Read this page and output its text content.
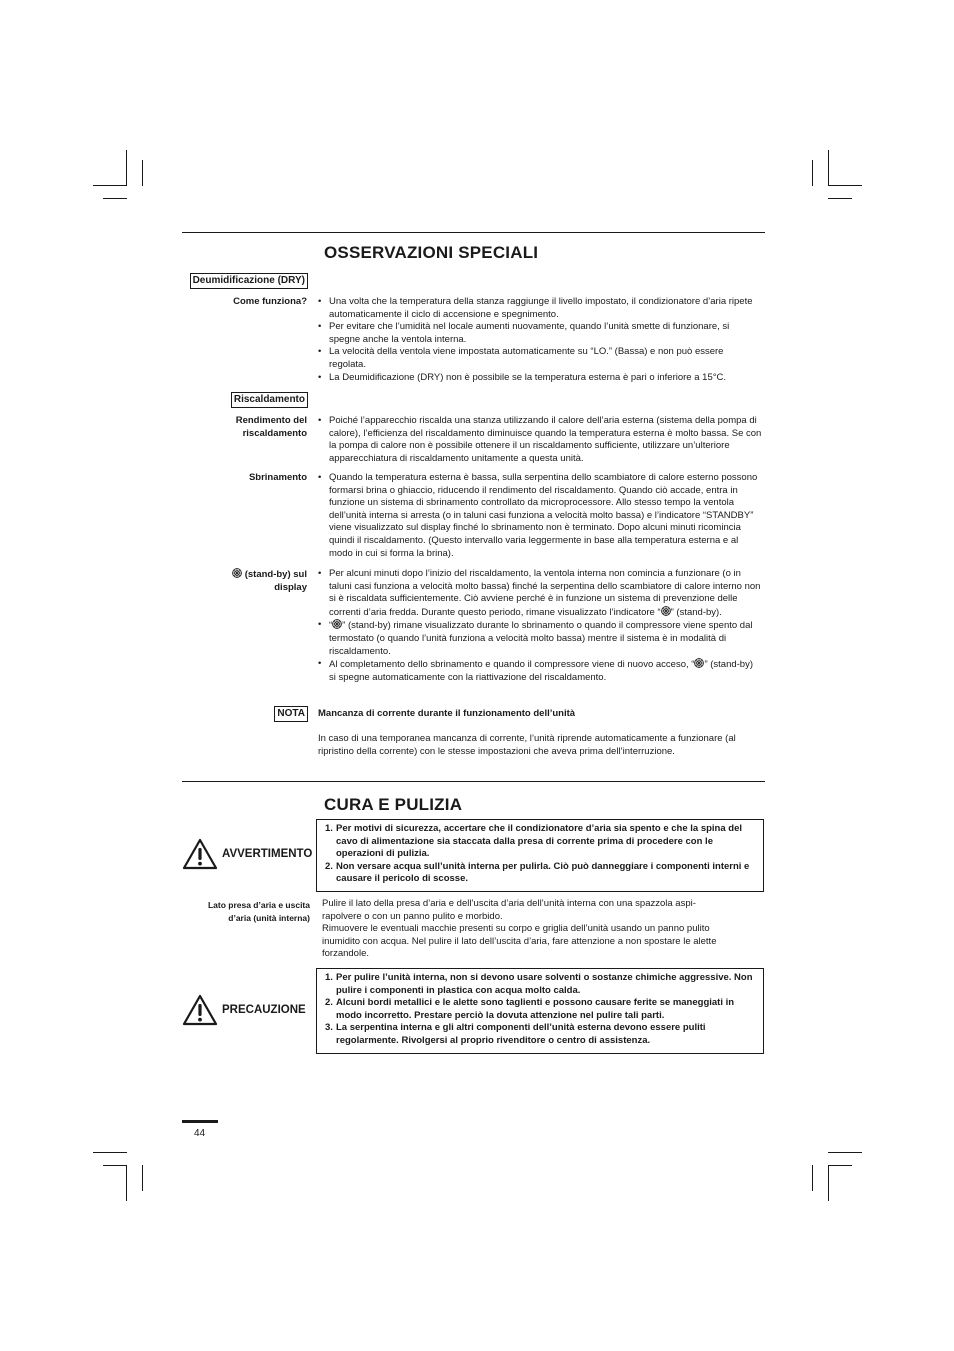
OSSERVAZIONI SPECIALI
Deumidificazione (DRY)
Come funziona?	• Una volta che la temperatura della stanza raggiunge il livello impostato, il condizionatore d’aria ripete automaticamente il ciclo di accensione e spegnimento.
• Per evitare che l’umidità nel locale aumenti nuovamente, quando l’unità smette di funzionare, si spegne anche la ventola interna.
• La velocità della ventola viene impostata automaticamente su “LO.” (Bassa) e non può essere regolata.
• La Deumidificazione (DRY) non è possibile se la temperatura esterna è pari o inferiore a 15°C.
Riscaldamento
Rendimento del
riscaldamento
• Poiché l’apparecchio riscalda una stanza utilizzando il calore dell’aria esterna (sistema della pompa di calore), l’efficienza del riscaldamento diminuisce quando la temperatura esterna è molto bassa. Se con la pompa di calore non è possibile ottenere il un riscaldamento sufficiente, utilizzare un’ulteriore apparecchiatura di riscaldamento unitamente a questa unità.
Sbrinamento	• Quando la temperatura esterna è bassa, sulla serpentina dello scambiatore di calore esterno possono formarsi brina o ghiaccio, riducendo il rendimento del riscaldamento. Quando ciò accade, entra in funzione un sistema di sbrinamento controllato da microprocessore. Allo stesso tempo la ventola dell’unità interna si arresta (o in taluni casi funziona a velocità molto bassa) e l’indicatore “STANDBY” viene visualizzato sul display finché lo sbrinamento non è terminato. Dopo alcuni minuti ricomincia quindi il riscaldamento. (Questo intervallo varia leggermente in base alla temperatura esterna e al modo in cui si forma la brina).
(stand-by) sul
display
• Per alcuni minuti dopo l’inizio del riscaldamento, la ventola interna non comincia a funzionare (o in taluni casi funziona a velocità molto bassa) finché la serpentina dello scambiatore di calore interno non si è riscaldata sufficientemente. Ciò avviene perché è in funzione un sistema di prevenzione delle correnti d’aria fredda. Durante questo periodo, rimane visualizzato l’indicatore “ ” (stand-by).
• “ ” (stand-by) rimane visualizzato durante lo sbrinamento o quando il compressore viene spento dal termostato (o quando l’unità funziona a velocità molto bassa) mentre il sistema è in modalità di riscaldamento.
• Al completamento dello sbrinamento e quando il compressore viene di nuovo acceso, “ ” (stand-by) si spegne automaticamente con la riattivazione del riscaldamento.
NOTA	Mancanza di corrente durante il funzionamento dell’unità
In caso di una temporanea mancanza di corrente, l’unità riprende automaticamente a funzionare (al ripristino della corrente) con le stesse impostazioni che aveva prima dell’interruzione.
CURA E PULIZIA
AVVERTIMENTO
1. Per motivi di sicurezza, accertare che il condizionatore d’aria sia spento e che la spina del cavo di alimentazione sia staccata dalla presa di corrente prima di procedere con le operazioni di pulizia.
2. Non versare acqua sull’unità interna per pulirla. Ciò può danneggiare i componenti interni e causare il pericolo di scosse.
Lato presa d’aria e uscita
d’aria (unità interna)
Pulire il lato della presa d’aria e dell’uscita d’aria dell’unità interna con una spazzola aspi-rapolvere o con un panno pulito e morbido.
Rimuovere le eventuali macchie presenti su corpo e griglia dell’unità usando un panno pulito inumidito con acqua. Nel pulire il lato dell’uscita d’aria, fare attenzione a non spostare le alette forzandole.
PRECAUZIONE
1. Per pulire l’unità interna, non si devono usare solventi o sostanze chimiche aggressive. Non pulire i componenti in plastica con acqua molto calda.
2. Alcuni bordi metallici e le alette sono taglienti e possono causare ferite se maneggiati in modo incorretto. Prestare perciò la dovuta attenzione nel pulire tali parti.
3. La serpentina interna e gli altri componenti dell’unità esterna devono essere puliti regolarmente. Rivolgersi al proprio rivenditore o centro di assistenza.
44
